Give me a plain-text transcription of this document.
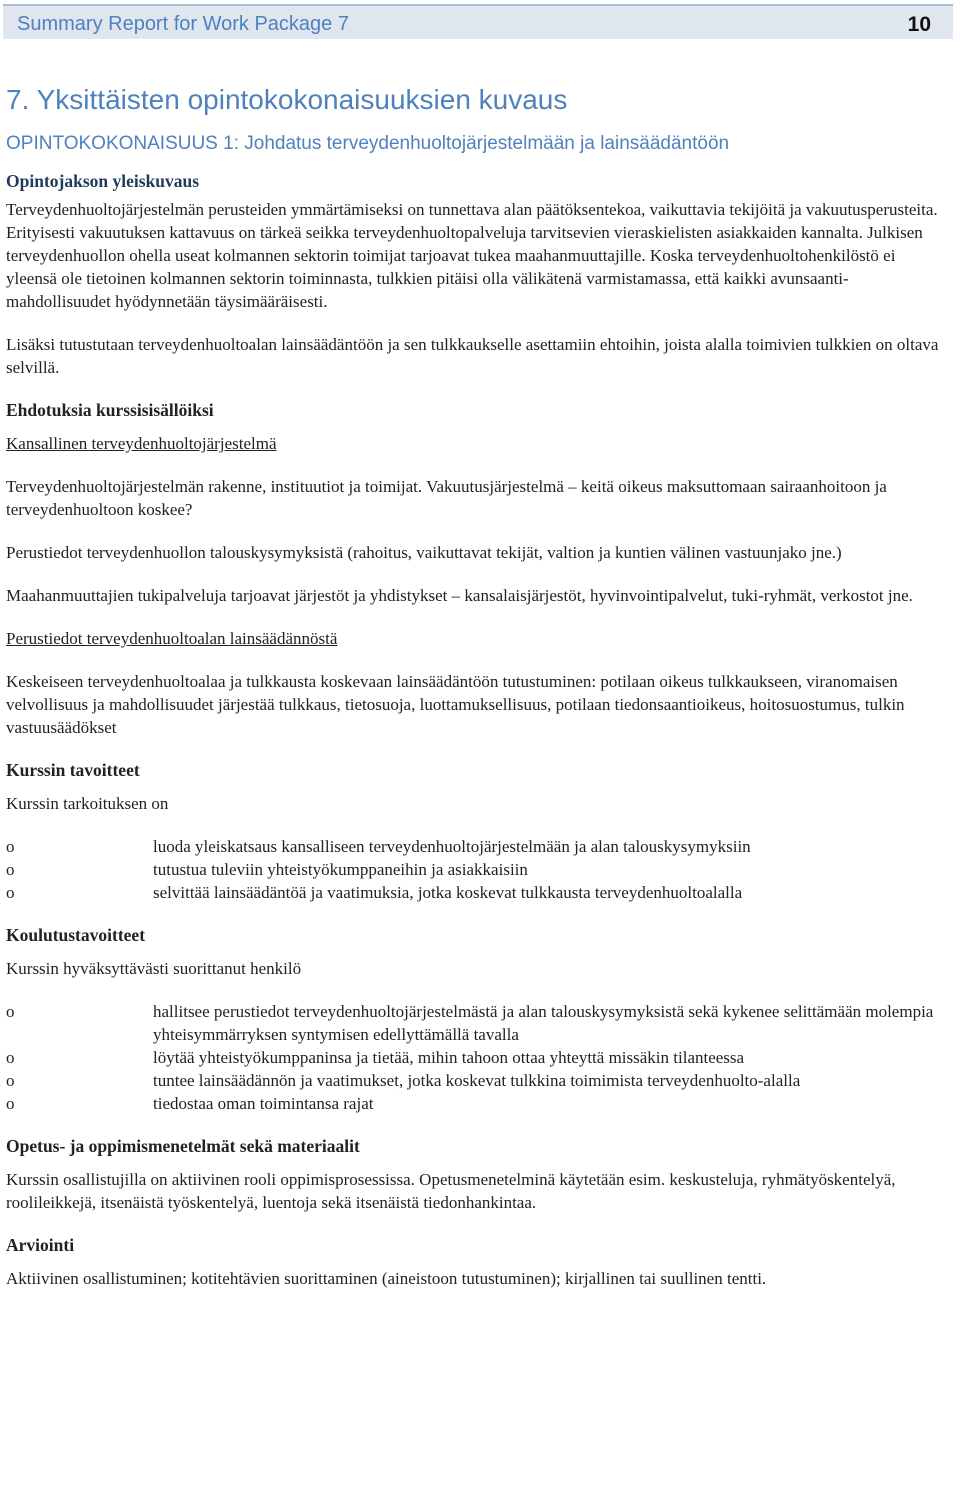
Summary Report for Work Package 7	10
7. Yksittäisten opintokokonaisuuksien kuvaus
OPINTOKOKONAISUUS 1: Johdatus terveydenhuoltojärjestelmään ja lainsäädäntöön
Opintojakson yleiskuvaus

Terveydenhuoltojärjestelmän perusteiden ymmärtämiseksi on tunnettava alan päätöksentekoa, vaikuttavia tekijöitä ja vakuutusperusteita. Erityisesti vakuutuksen kattavuus on tärkeä seikka terveydenhuoltopalveluja tarvitsevien vieraskielisten asiakkaiden kannalta. Julkisen terveydenhuollon ohella useat kolmannen sektorin toimijat tarjoavat tukea maahanmuuttajille. Koska terveydenhuoltohenkilöstö ei yleensä ole tietoinen kolmannen sektorin toiminnasta, tulkkien pitäisi olla välikätenä varmistamassa, että kaikki avunsaanti-mahdollisuudet hyödynnetään täysimääräisesti.

Lisäksi tutustutaan terveydenhuoltoalan lainsäädäntöön ja sen tulkkaukselle asettamiin ehtoihin, joista alalla toimivien tulkkien on oltava selvillä.

Ehdotuksia kurssisisällöiksi

Kansallinen terveydenhuoltojärjestelmä

Terveydenhuoltojärjestelmän rakenne, instituutiot ja toimijat. Vakuutusjärjestelmä – keitä oikeus maksuttomaan sairaanhoitoon ja terveydenhuoltoon koskee?

Perustiedot terveydenhuollon talouskysymyksistä (rahoitus, vaikuttavat tekijät, valtion ja kuntien välinen vastuunjako jne.)

Maahanmuuttajien tukipalveluja tarjoavat järjestöt ja yhdistykset – kansalaisjärjestöt, hyvinvointipalvelut, tuki-ryhmät, verkostot jne.

Perustiedot terveydenhuoltoalan lainsäädännöstä

Keskeiseen terveydenhuoltoalaa ja tulkkausta koskevaan lainsäädäntöön tutustuminen: potilaan oikeus tulkkaukseen, viranomaisen velvollisuus ja mahdollisuudet järjestää tulkkaus, tietosuoja, luottamuksellisuus, potilaan tiedonsaantioikeus, hoitosuostumus, tulkin vastuusäädökset

Kurssin tavoitteet

Kurssin tarkoituksen on

o	luoda yleiskatsaus kansalliseen terveydenhuoltojärjestelmään ja alan talouskysymyksiin
o	tutustua tuleviin yhteistyökumppaneihin ja asiakkaisiin
o	selvittää lainsäädäntöä ja vaatimuksia, jotka koskevat tulkkausta terveydenhuoltoalalla
Koulutustavoitteet

Kurssin hyväksyttävästi suorittanut henkilö

o	hallitsee perustiedot terveydenhuoltojärjestelmästä ja alan talouskysymyksistä sekä kykenee selittämään molempia yhteisymmärryksen syntymisen edellyttämällä tavalla
o	löytää yhteistyökumppaninsa ja tietää, mihin tahoon ottaa yhteyttä missäkin tilanteessa
o	tuntee lainsäädännön ja vaatimukset, jotka koskevat tulkkina toimimista terveydenhuolto-alalla
o	tiedostaa oman toimintansa rajat
Opetus- ja oppimismenetelmät sekä materiaalit

Kurssin osallistujilla on aktiivinen rooli oppimisprosessissa. Opetusmenetelminä käytetään esim. keskusteluja, ryhmätyöskentelyä, roolileikkejä, itsenäistä työskentelyä, luentoja sekä itsenäistä tiedonhankintaa.

Arviointi

Aktiivinen osallistuminen; kotitehtävien suorittaminen (aineistoon tutustuminen); kirjallinen tai suullinen tentti.
